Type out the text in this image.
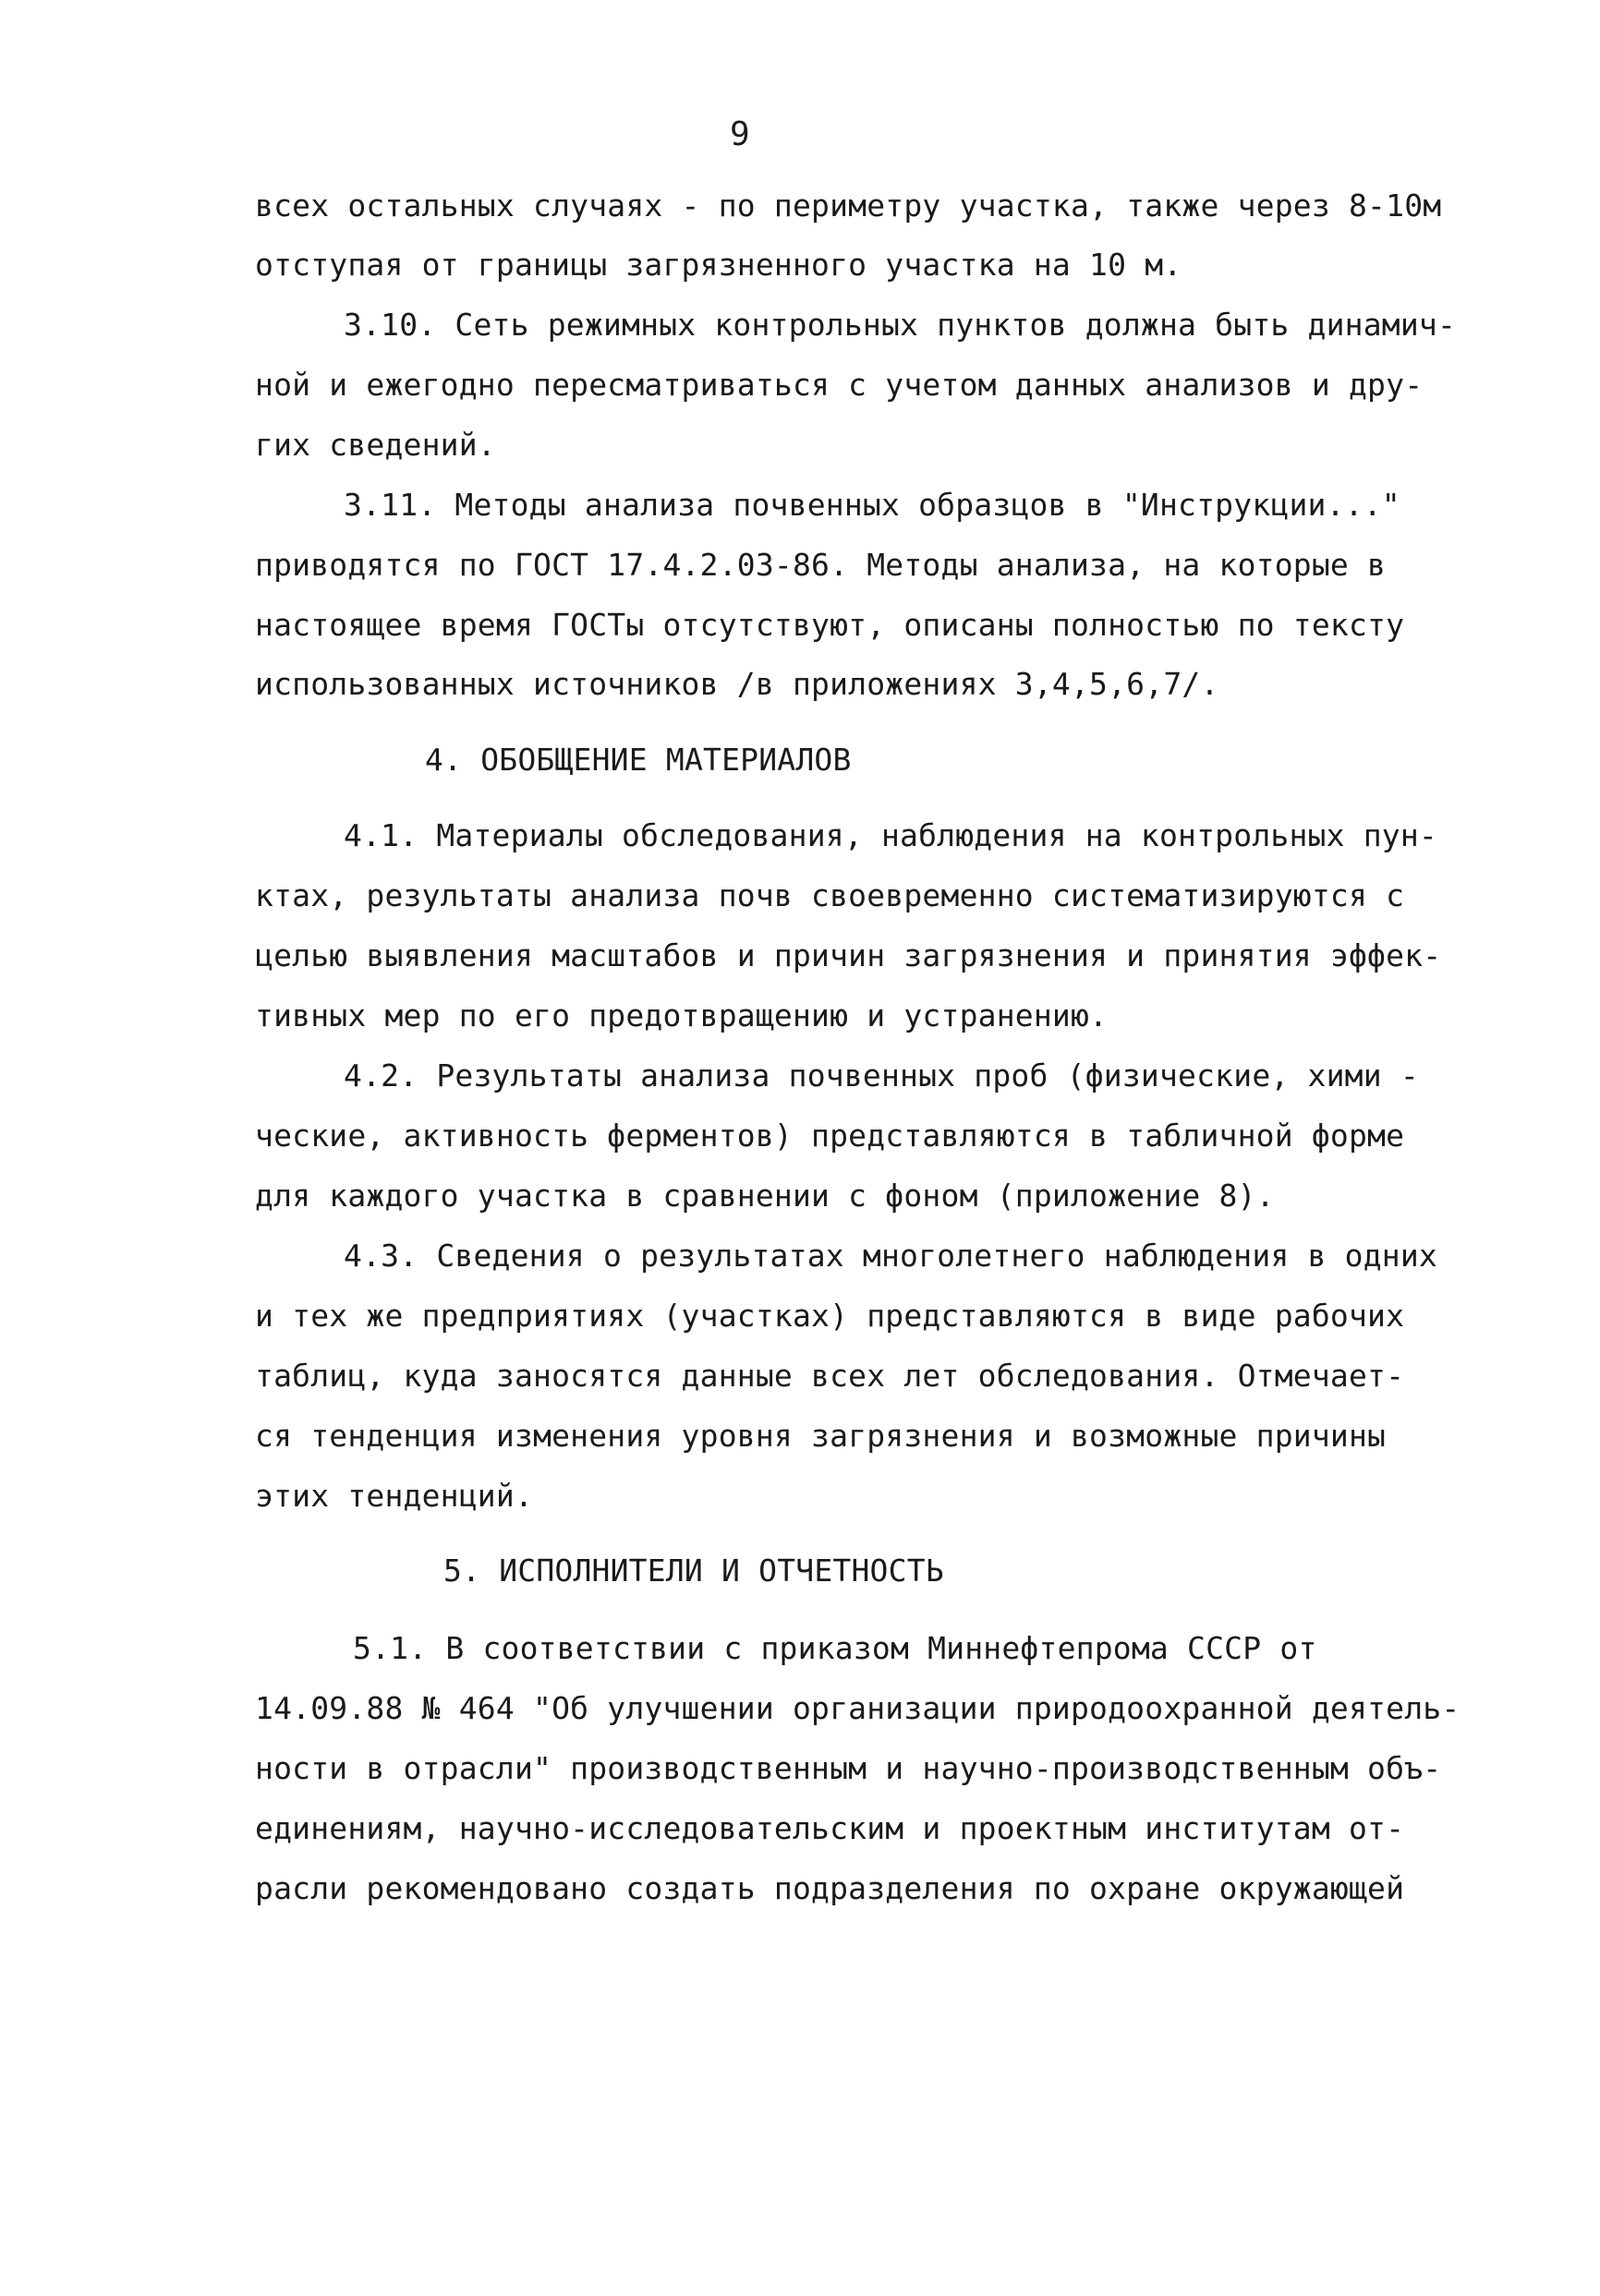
9
всех остальных случаях - по периметру участка, также через 8-10м
отступая от границы загрязненного участка на 10 м.
3.10. Сеть режимных контрольных пунктов должна быть динамич-
ной и ежегодно пересматриваться с учетом данных анализов и дру-
гих сведений.
3.11. Методы анализа почвенных образцов в "Инструкции..."
приводятся по ГОСТ 17.4.2.03-86. Методы анализа, на которые в
настоящее время ГОСТы отсутствуют, описаны полностью по тексту
использованных источников /в приложениях 3,4,5,6,7/.
4. ОБОБЩЕНИЕ МАТЕРИАЛОВ
4.1. Материалы обследования, наблюдения на контрольных пун-
ктах, результаты анализа почв своевременно систематизируются с
целью выявления масштабов и причин загрязнения и принятия эффек-
тивных мер по его предотвращению и устранению.
4.2. Результаты анализа почвенных проб (физические, хими -
ческие, активность ферментов) представляются в табличной форме
для каждого участка в сравнении с фоном (приложение 8).
4.3. Сведения о результатах многолетнего наблюдения в одних
и тех же предприятиях (участках) представляются в виде рабочих
таблиц, куда заносятся данные всех лет обследования. Отмечает-
ся тенденция изменения уровня загрязнения и возможные причины
этих тенденций.
5. ИСПОЛНИТЕЛИ И ОТЧЕТНОСТЬ
5.1. В соответствии с приказом Миннефтепрома СССР от
14.09.88 № 464 "Об улучшении организации природоохранной деятель-
ности в отрасли" производственным и научно-производственным объ-
единениям, научно-исследовательским и проектным институтам от-
расли рекомендовано создать подразделения по охране окружающей
